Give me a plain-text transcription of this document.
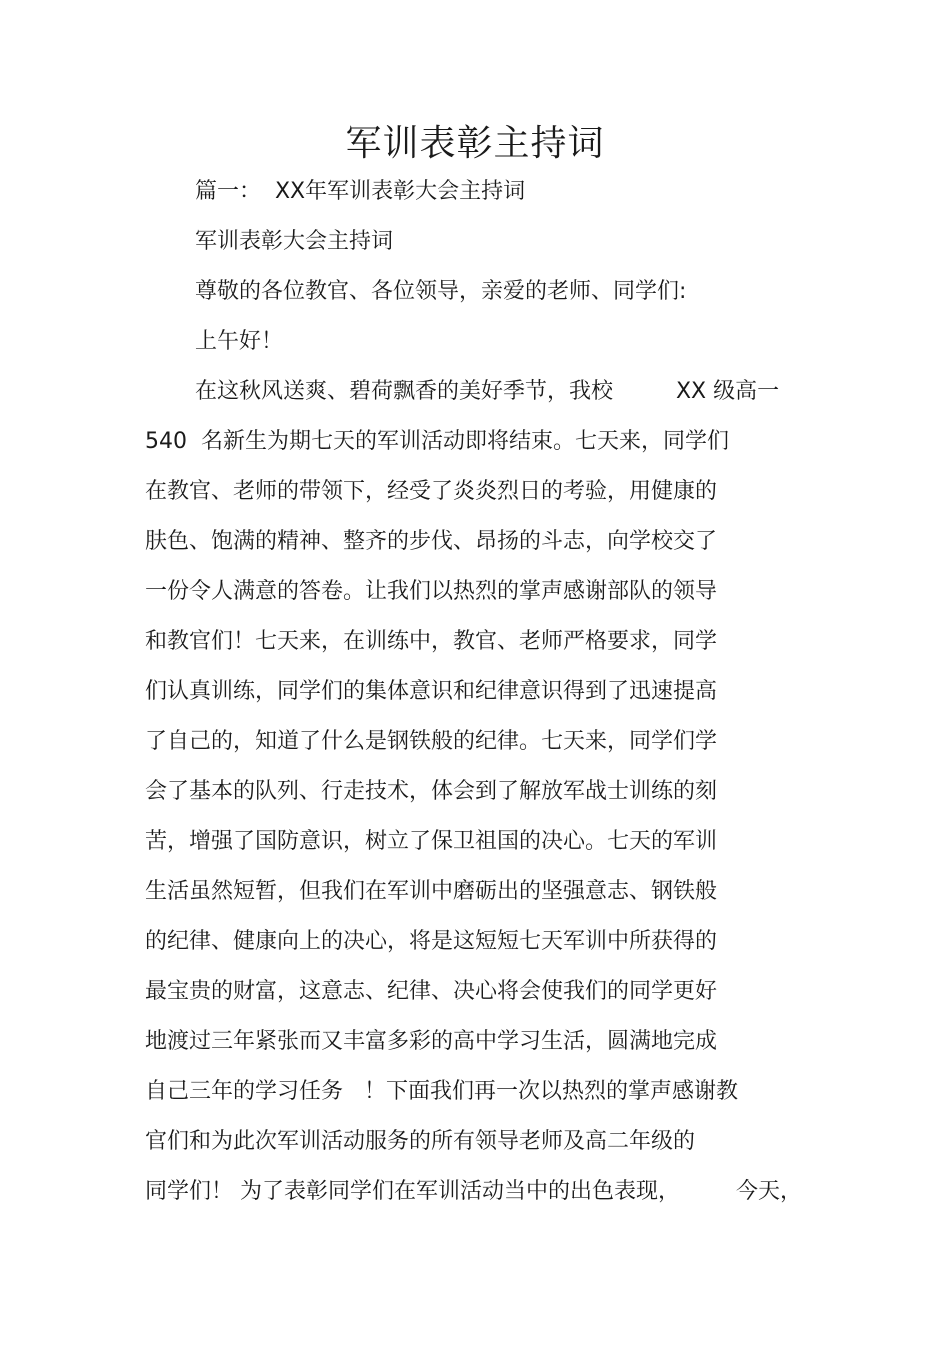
军训表彰主持词

篇一：  XX年军训表彰大会主持词

军训表彰大会主持词

尊敬的各位教官、各位领导，亲爱的老师、同学们:

上午好！

在这秋风送爽、碧荷飘香的美好季节，我校         XX 级高一

540  名新生为期七天的军训活动即将结束。七天来，同学们

在教官、老师的带领下，经受了炎炎烈日的考验，用健康的

肤色、饱满的精神、整齐的步伐、昂扬的斗志，向学校交了

一份令人满意的答卷。让我们以热烈的掌声感谢部队的领导

和教官们！七天来，在训练中，教官、老师严格要求，同学

们认真训练，同学们的集体意识和纪律意识得到了迅速提高

了自己的，知道了什么是钢铁般的纪律。七天来，同学们学

会了基本的队列、行走技术，体会到了解放军战士训练的刻

苦，增强了国防意识，树立了保卫祖国的决心。七天的军训

生活虽然短暂，但我们在军训中磨砺出的坚强意志、钢铁般

的纪律、健康向上的决心，将是这短短七天军训中所获得的

最宝贵的财富，这意志、纪律、决心将会使我们的同学更好

地渡过三年紧张而又丰富多彩的高中学习生活，圆满地完成

自己三年的学习任务   ！下面我们再一次以热烈的掌声感谢教

官们和为此次军训活动服务的所有领导老师及高二年级的

同学们！ 为了表彰同学们在军训活动当中的出色表现，        今天，
